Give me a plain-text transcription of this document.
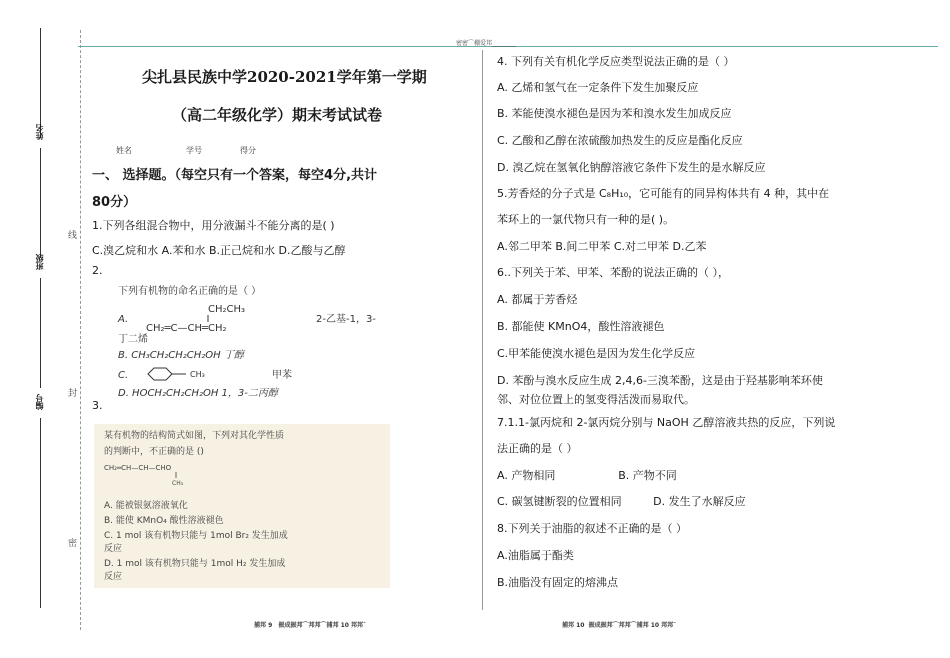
密密⌒棚爱邦________
姓名
班级
编号
线
封
密
尖扎县民族中学2020-2021学年第一学期
（高二年级化学）期末考试试卷
姓名	学号	得分
一、 选择题。（每空只有一个答案，每空4分,共计
80分）
1.下列各组混合物中，用分液漏斗不能分离的是( )
C.溴乙烷和水 A.苯和水 B.正己烷和水 D.乙酸与乙醇
2.
下列有机物的命名正确的是（ ）
CH₂CH₃
A.
CH₂═C—CH═CH₂
2-乙基-1，3-
丁二烯
B. CH₃CH₂CH₂CH₂OH 丁醇
C.	CH₃	甲苯
D. HOCH₂CH₂CH₂OH 1，3-二丙醇
3.
某有机物的结构简式如图，下列对其化学性质
的判断中，不正确的是 ()
CH₂═CH—CH—CHO
CH₃
A. 能被银氨溶液氧化
B. 能使 KMnO₄ 酸性溶液褪色
C. 1 mol 该有机物只能与 1mol Br₂ 发生加成
反应
D. 1 mol 该有机物只能与 1mol H₂ 发生加成
反应
4. 下列有关有机化学反应类型说法正确的是（ ）
A. 乙烯和氢气在一定条件下发生加聚反应
B. 苯能使溴水褪色是因为苯和溴水发生加成反应
C. 乙酸和乙醇在浓硫酸加热发生的反应是酯化反应
D. 溴乙烷在氢氧化钠醇溶液它条件下发生的是水解反应
5.芳香烃的分子式是 C₈H₁₀，它可能有的同异构体共有 4 种，其中在
苯环上的一氯代物只有一种的是( )。
A.邻二甲苯 B.间二甲苯 C.对二甲苯 D.乙苯
6..下列关于苯、甲苯、苯酚的说法正确的（ ），
A. 都属于芳香烃
B. 都能使 KMnO4，酸性溶液褪色
C.甲苯能使溴水褪色是因为发生化学反应
D. 苯酚与溴水反应生成 2,4,6-三溴苯酚，这是由于羟基影响苯环使
邻、对位位置上的氢变得活泼而易取代。
7.1.1-氯丙烷和 2-氯丙烷分别与 NaOH 乙醇溶液共热的反应，下列说
法正确的是（ ）
A. 产物相同                  B. 产物不同
C. 碳氢键断裂的位置相同         D. 发生了水解反应
8.下列关于油脂的叙述不正确的是（ ）
A.油脂属于酯类
B.油脂没有固定的熔沸点
捕邦 9   振成振邦⌒邦邦⌒捕邦 10 邦邦˘	捕邦 10  振成振邦⌒邦邦⌒捕邦 10 邦邦˘
